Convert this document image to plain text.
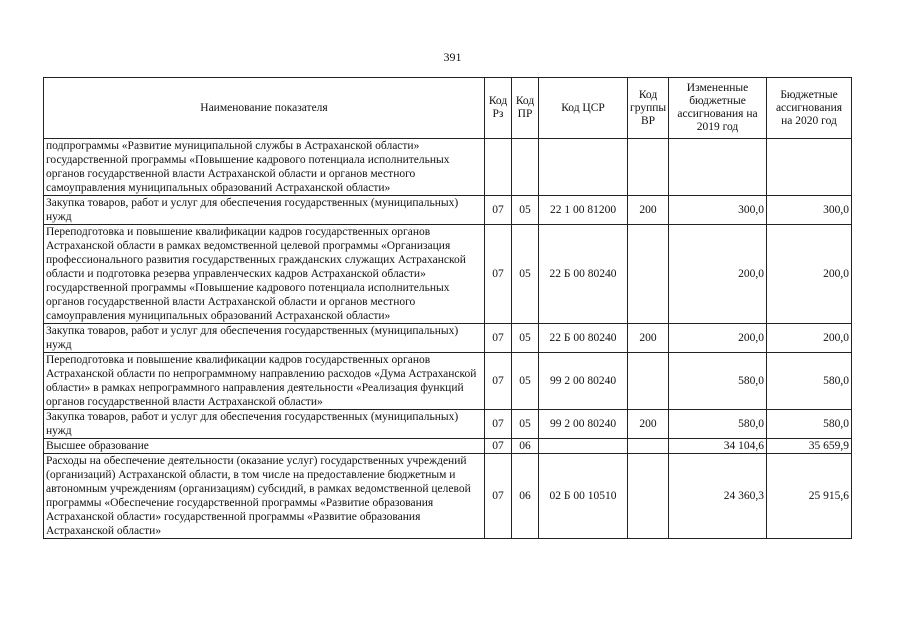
391
Наименование показателя	Код Рз	Код ПР	Код ЦСР	Код группы ВР	Измененные бюджетные ассигнования на 2019 год	Бюджетные ассигнования на 2020 год
подпрограммы «Развитие муниципальной службы в Астраханской области» государственной программы «Повышение кадрового потенциала исполнительных органов государственной власти Астраханской области и органов местного самоуправления муниципальных образований Астраханской области»						
Закупка товаров, работ и услуг для обеспечения государственных (муниципальных) нужд	07	05	22 1 00 81200	200	300,0	300,0
Переподготовка и повышение квалификации кадров государственных органов Астраханской области в рамках ведомственной целевой программы «Организация профессионального развития государственных гражданских служащих Астраханской области и подготовка резерва управленческих кадров Астраханской области» государственной программы «Повышение кадрового потенциала исполнительных органов государственной власти Астраханской области и органов местного самоуправления муниципальных образований Астраханской области»	07	05	22 Б 00 80240		200,0	200,0
Закупка товаров, работ и услуг для обеспечения государственных (муниципальных) нужд	07	05	22 Б 00 80240	200	200,0	200,0
Переподготовка и повышение квалификации кадров государственных органов Астраханской области по непрограммному направлению расходов «Дума Астраханской области» в рамках непрограммного направления деятельности «Реализация функций органов государственной власти Астраханской области»	07	05	99 2 00 80240		580,0	580,0
Закупка товаров, работ и услуг для обеспечения государственных (муниципальных) нужд	07	05	99 2 00 80240	200	580,0	580,0
Высшее образование	07	06			34 104,6	35 659,9
Расходы на обеспечение деятельности (оказание услуг) государственных учреждений (организаций) Астраханской области, в том числе на предоставление бюджетным и автономным учреждениям (организациям) субсидий, в рамках ведомственной целевой программы «Обеспечение государственной программы «Развитие образования Астраханской области» государственной программы «Развитие образования Астраханской области»	07	06	02 Б 00 10510		24 360,3	25 915,6
